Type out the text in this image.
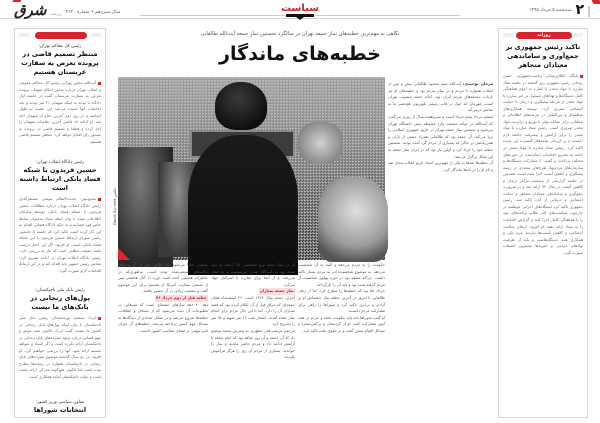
سال سیزدهم • شماره ۲۶۲۰
روزنامه
شرق	۲
سه‌شنبه ۵ مرداد ۱۳۹۵
سیاست
رئیس کل محاکم تهران:
منتظر تصمیم قاضی در پرونده تعرض به سفارت عربستان هستیم
آیت‌الله عباس پورابی رئیس کل محاکم عمومی و انقلاب تهران درباره صدور احکام متهمان پرونده تعرض به سفارت عربستان گفت در جلسه اول دادگاه با توجه به اینکه متهمان ۴۱ نفر بودند و باید دفاعیات آنها شنیده می‌شد این جلسه به طول انجامید و در روز دوم آخرین دفاع از متهمان اخذ شد. او ادامه داد قاضی آخرین دفاعیات متهمان را اخذ کرده و قطعا و تصمیم قاضی در پرونده به تصدور رای اقدام خواهد کرد. منتظر تصمیم قاضی هستیم.
رئیس دادگاه انقلاب تهران:
حسین فریدون با شبکه فساد بانکی ارتباط داشته است
بسیج‌نیوز: حجت‌الاسلام موسی غضنفرآبادی رئیس دادگاه انقلاب تهران درباره مطالبات حسین فریدون با شبکه فساد بانکی توسط سازمان اطلاعات سپاه با بیان اینکه سپاه به‌عنوان ضابط خاص قوه قضاییه و به حکم دادگاه قضایی اقدام به این کار کرده است تاکید کرد که جلسه با جانشین رئیس شورای ارتباط حسین فریدون با این شبکه فساد بانکی است. او افزود: اگر این اخبار درست باشد حقیقت مطلبی است که نیاز به بررسی دارد. رئیس دادگاه انقلاب تهران در ادامه تصریح کرد: شخص رئیس جمهور باید اقدام کند و در این ارتباط اقدامات لازم صورت گیرد.
رئیس بانک ملی تاجیکستان:
پول‌های زنجانی در بانک‌های ما نیست
ایرنا: جمشید نورمحمداف رئیس بانک ملی تاجیکستان با بیان اینکه پول‌های بابک زنجانی در کشور ما نیست گفت ایران تاکنون سند موثق و مهم قضایی درباره وجود سپرده‌های بابک زنجانی در تاجیکستان ارائه نکرده است و اگر اسناد و شواهد مستند ارائه شود آنها را بررسی خواهیم کرد. او افزود: در دو سال گذشته موضوع سپرده‌های بابک زنجانی در تاجیکستان همواره در رسانه‌ها مطرح بوده است اما تاکنون هیچ‌گونه مدرکی ارائه نشده است و دولت تاجیکستان آماده همکاری است.
معاون سیاسی وزیر کشور:
انتخابات شوراها
روزانه
تاکید رئیس جمهوری بر جمع‌آوری و ساماندهی معتادان متجاهر
پایگاه اطلاع‌رسانی ریاست‌جمهوری: حسن روحانی رئیس جمهوری روز گذشته در جلسه ستاد مبارزه با مواد مخدر با اشاره به لزوم هماهنگی کامل دستگاه‌ها و نهادهای مسئول در امر مبارزه با مواد مخدر از مرحله پیشگیری و درمان تا حمایت اجتماعی تصریح کرد: توسعه همکاری‌های منطقه‌ای و بین‌المللی در عرصه‌های اطلاعاتی و عملیاتی برای مقابله مؤثر با توزیع و ترانزیت مواد مخدر ضروری است. رئیس ستاد مبارزه با مواد مخدر را برای آرامش و پیشرفت جامعه لازم دانست و بر ارزیابی پیامدهای گسترده این پدیده تاکید کرد. رئیس ستاد مبارزه با مواد مخدر در ادامه به تشریح اقدامات انجام‌شده در حوزه‌های مختلف پرداخت و گفت: با مشارکت دستگاه‌ها و سازمان‌های مردم‌نهاد طرح‌های متعددی در زمینه پیشگیری و کاهش آسیب اجرا شده است. همچنین در جلسه گزارشی از وضعیت مراکز درمان و کاهش آسیب در سال ۹۴ ارائه شد و بر ضرورت جمع‌آوری و ساماندهی معتادان متجاهر و حمایت اجتماعی و درمانی از آنان تاکید شد. رئیس جمهوری تاکید کرد دستگاه‌های اجرایی موظفند در چارچوب سیاست‌های کلی نظام، برنامه‌های خود را با هماهنگی کامل اجرا کنند و گزارش اقدامات را به ستاد ارائه دهند. او افزود: ارتقای سلامت اجتماعی و کاهش آسیب‌ها نیازمند عزم ملی و همکاری همه دستگاه‌هاست و باید از ظرفیت نهادهای مردمی و خیریه‌ها بیشترین استفاده صورت گیرد.
نگاهی به مهم‌ترین خطبه‌های نماز جمعه تهران در سالگرد نخستین نماز جمعه آیت‌الله طالقانی
خطبه‌های ماندگار
David Burnett عکس:

مرجان توحیدی: آیت‌الله سید محمود طالقانی پیش و پس از انقلاب همواره با مردم و در میان مردم بود و خطبه‌های او نیز بازتاب دغدغه‌های مردم ایران بود. امام جمعه منصوب تهران است، چهره‌ای که اینک در قاب رسمی تلویزیون هم‌عصر ما به نمایش درمی‌آید.

ششم مرداد پنجم مرداد است و سی‌وهفت سال از روزی می‌گذرد که آیت‌الله در میانه جمعیت وارد محوطه چمن دانشگاه تهران می‌شود و نخستین نماز جمعه تهران در تاریخ جمهوری اسلامی را برپا می‌کند. آن جمعه بود که طالقانی همراه جمعی از یاران و همرزمانش در حالی که بسیاری از مردم گرد آمده بودند، نخستین خطبه خود را ایراد کرد و اولین بار بود که در ایران نماز جمعه به این شکل برگزار می‌شد.

آن خطبه‌ها بعدها به یکی از مهم‌ترین اسناد تاریخ انقلاب تبدیل شد و نام او را در یادها ماندگار کرد.

حکومت را به مردم می‌دهد و البته به آن شخصیت می‌دهد. به موضوع شخصیت‌دادن به مردم بسیار تاکید داشت. چراکه معتقد بود در دوره پهلوی شخصیت از مردم گرفته شده بود و باید آن را بازگرداند.

خرداد ۵۸ بود که خطبه‌ها را مطرح کرد. اما از زمان طالقانی تا امروز در آخرین خطبه نماز جمعه‌اش او بر آزادی و برابری تاکید کرد و شوراها را راهی برای مشارکت مردم دانست.

او گفت شوراها باید پایه حکومت باشد و مردم در همه امور مشارکت کنند. او از کردستان و ترکمن‌صحرا و مسائل اقوام سخن گفت و بر حقوق ملت تاکید کرد.

آن در نماز جمعه تیرو شخصیتی که ازنجف به خود بسته بود به آیت‌الله مدنی می‌پیوست و به لبنان می‌رفت و از آنجا برای مبارزه با اسرائیل جهاد می‌کرد.

نماز جمعه بمباران

آخرین جمعه سال ۱۳۶۴ است. ۲۶ اسفندماه همان جمعه‌ای که عراق قبل از آن اعلام کرده بود که قصد بمباران آن را دارد. اما با این حال مردم برای انجام نماز جمعه آمدند. انفجار بمب ۱۳ نفر شهید و ۹۸ نفر را مجروح کرد.

مرحوم مرتضی‌قلی مطهری به پسرش سعید توضیح داد که آن جمعه و آن روز شاهد بود که امام جمعه با آرامش ادامه داد و مردم حاضر ماندند و نماز را خواندند. بسیاری از مردم آن روز را هرگز فراموش نکردند.

عمومی فضا می‌شود. اما ظاهرا قبل از آن به‌خاطر حالت‌های منتشرشده بوده است. به‌طوری‌که در خاطرات هاشمی آمده است دوره ۱۱ آبان هاشمی پس از تسخیر سفارت آمریکا از تصمیم برای این موضوع گفت و جمعیت زیادی در آن حضور یافتند.

خطبه قبل از دوم خرداد ۷۶

دهه ۷۰ دهه سازهای جمعه‌ای است که تیترهایی در مطبوعات آن دیده می‌شود که از مسائل و اتفاقات، خطبه‌ها شروع می‌شد و در مقابل تعدادی از دیدگاه‌ها به مسائل مهم کشور پرداخته می‌شد. خطبه‌های آن دوران تاثیر مهمی بر فضای سیاسی کشور داشت.
